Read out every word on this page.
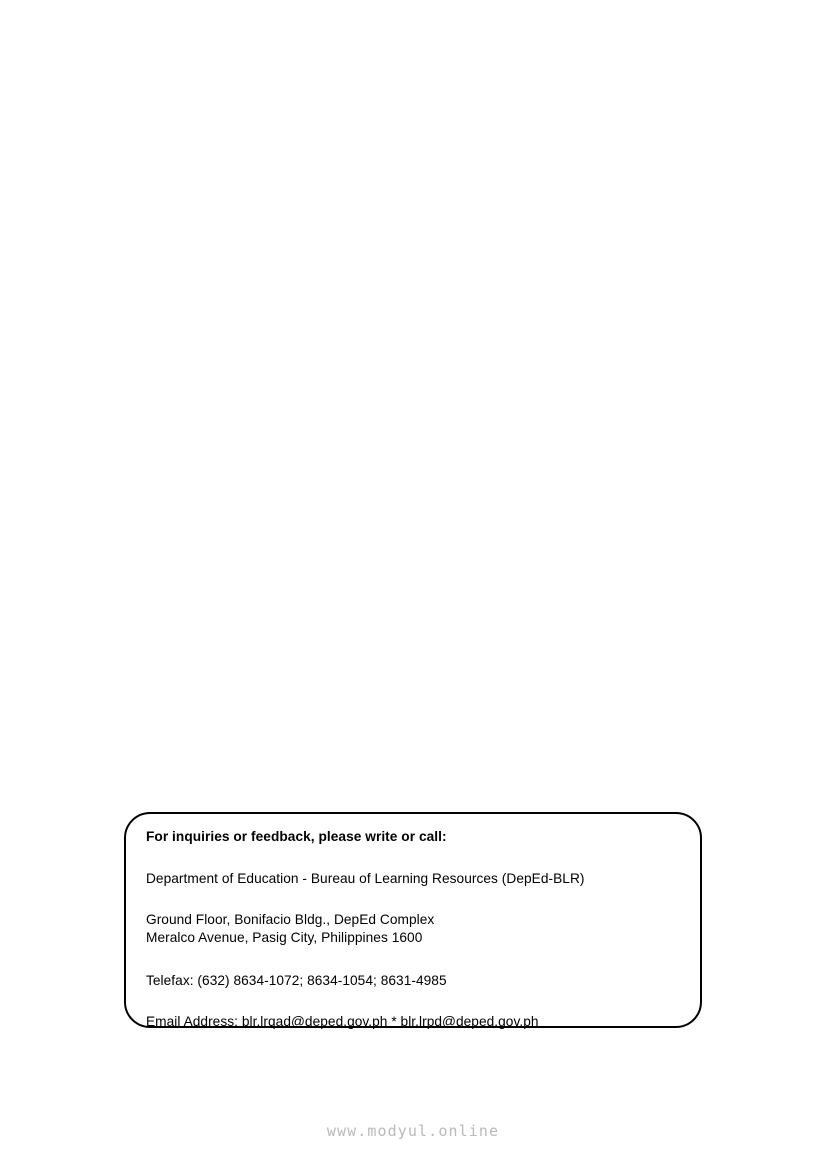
For inquiries or feedback, please write or call:
Department of Education - Bureau of Learning Resources (DepEd-BLR)
Ground Floor, Bonifacio Bldg., DepEd Complex
Meralco Avenue, Pasig City, Philippines 1600
Telefax: (632) 8634-1072; 8634-1054; 8631-4985
Email Address: blr.lrqad@deped.gov.ph * blr.lrpd@deped.gov.ph
www.modyul.online
